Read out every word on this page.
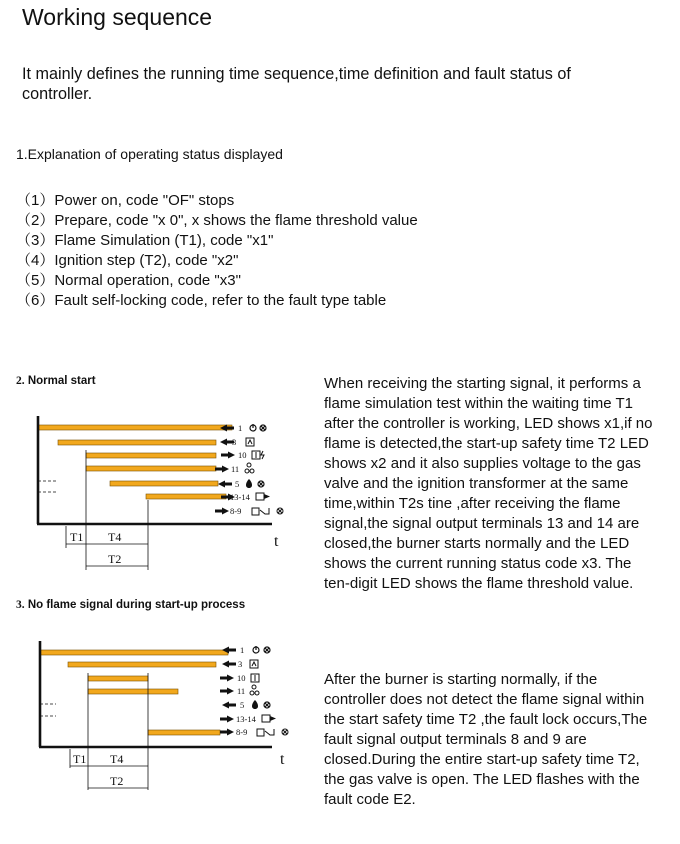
Working sequence
It mainly defines the running time sequence,time definition and fault status of controller.
1.Explanation of operating status displayed
（1）Power on, code "OF" stops
（2）Prepare, code "x 0", x shows the flame threshold value
（3）Flame Simulation (T1), code "x1"
（4）Ignition step (T2), code "x2"
（5）Normal operation, code "x3"
（6）Fault self-locking code, refer to the fault type table
2. Normal start
3. No flame signal during start-up process
When receiving the starting signal, it performs a flame simulation test within the waiting time T1 after the controller is working, LED shows x1,if no flame is detected,the start-up safety time T2 LED shows x2 and it also supplies voltage to the gas valve and the ignition transformer at the same time,within T2s tine ,after receiving the flame signal,the signal output terminals 13 and 14 are closed,the burner starts normally and the LED shows the current running status code x3. The ten-digit LED shows the flame threshold value.
After the burner is starting normally, if the controller does not detect the flame signal within the start safety time T2 ,the fault lock occurs,The fault signal output terminals 8 and 9 are closed.During the entire start-up safety time T2, the gas valve is open. The LED flashes with the fault code E2.
T1 T4
T2
t
1
3
10
11
5
13-14
8-9
T1 T4
T2
t
1
3
10
11
5
13-14
8-9
